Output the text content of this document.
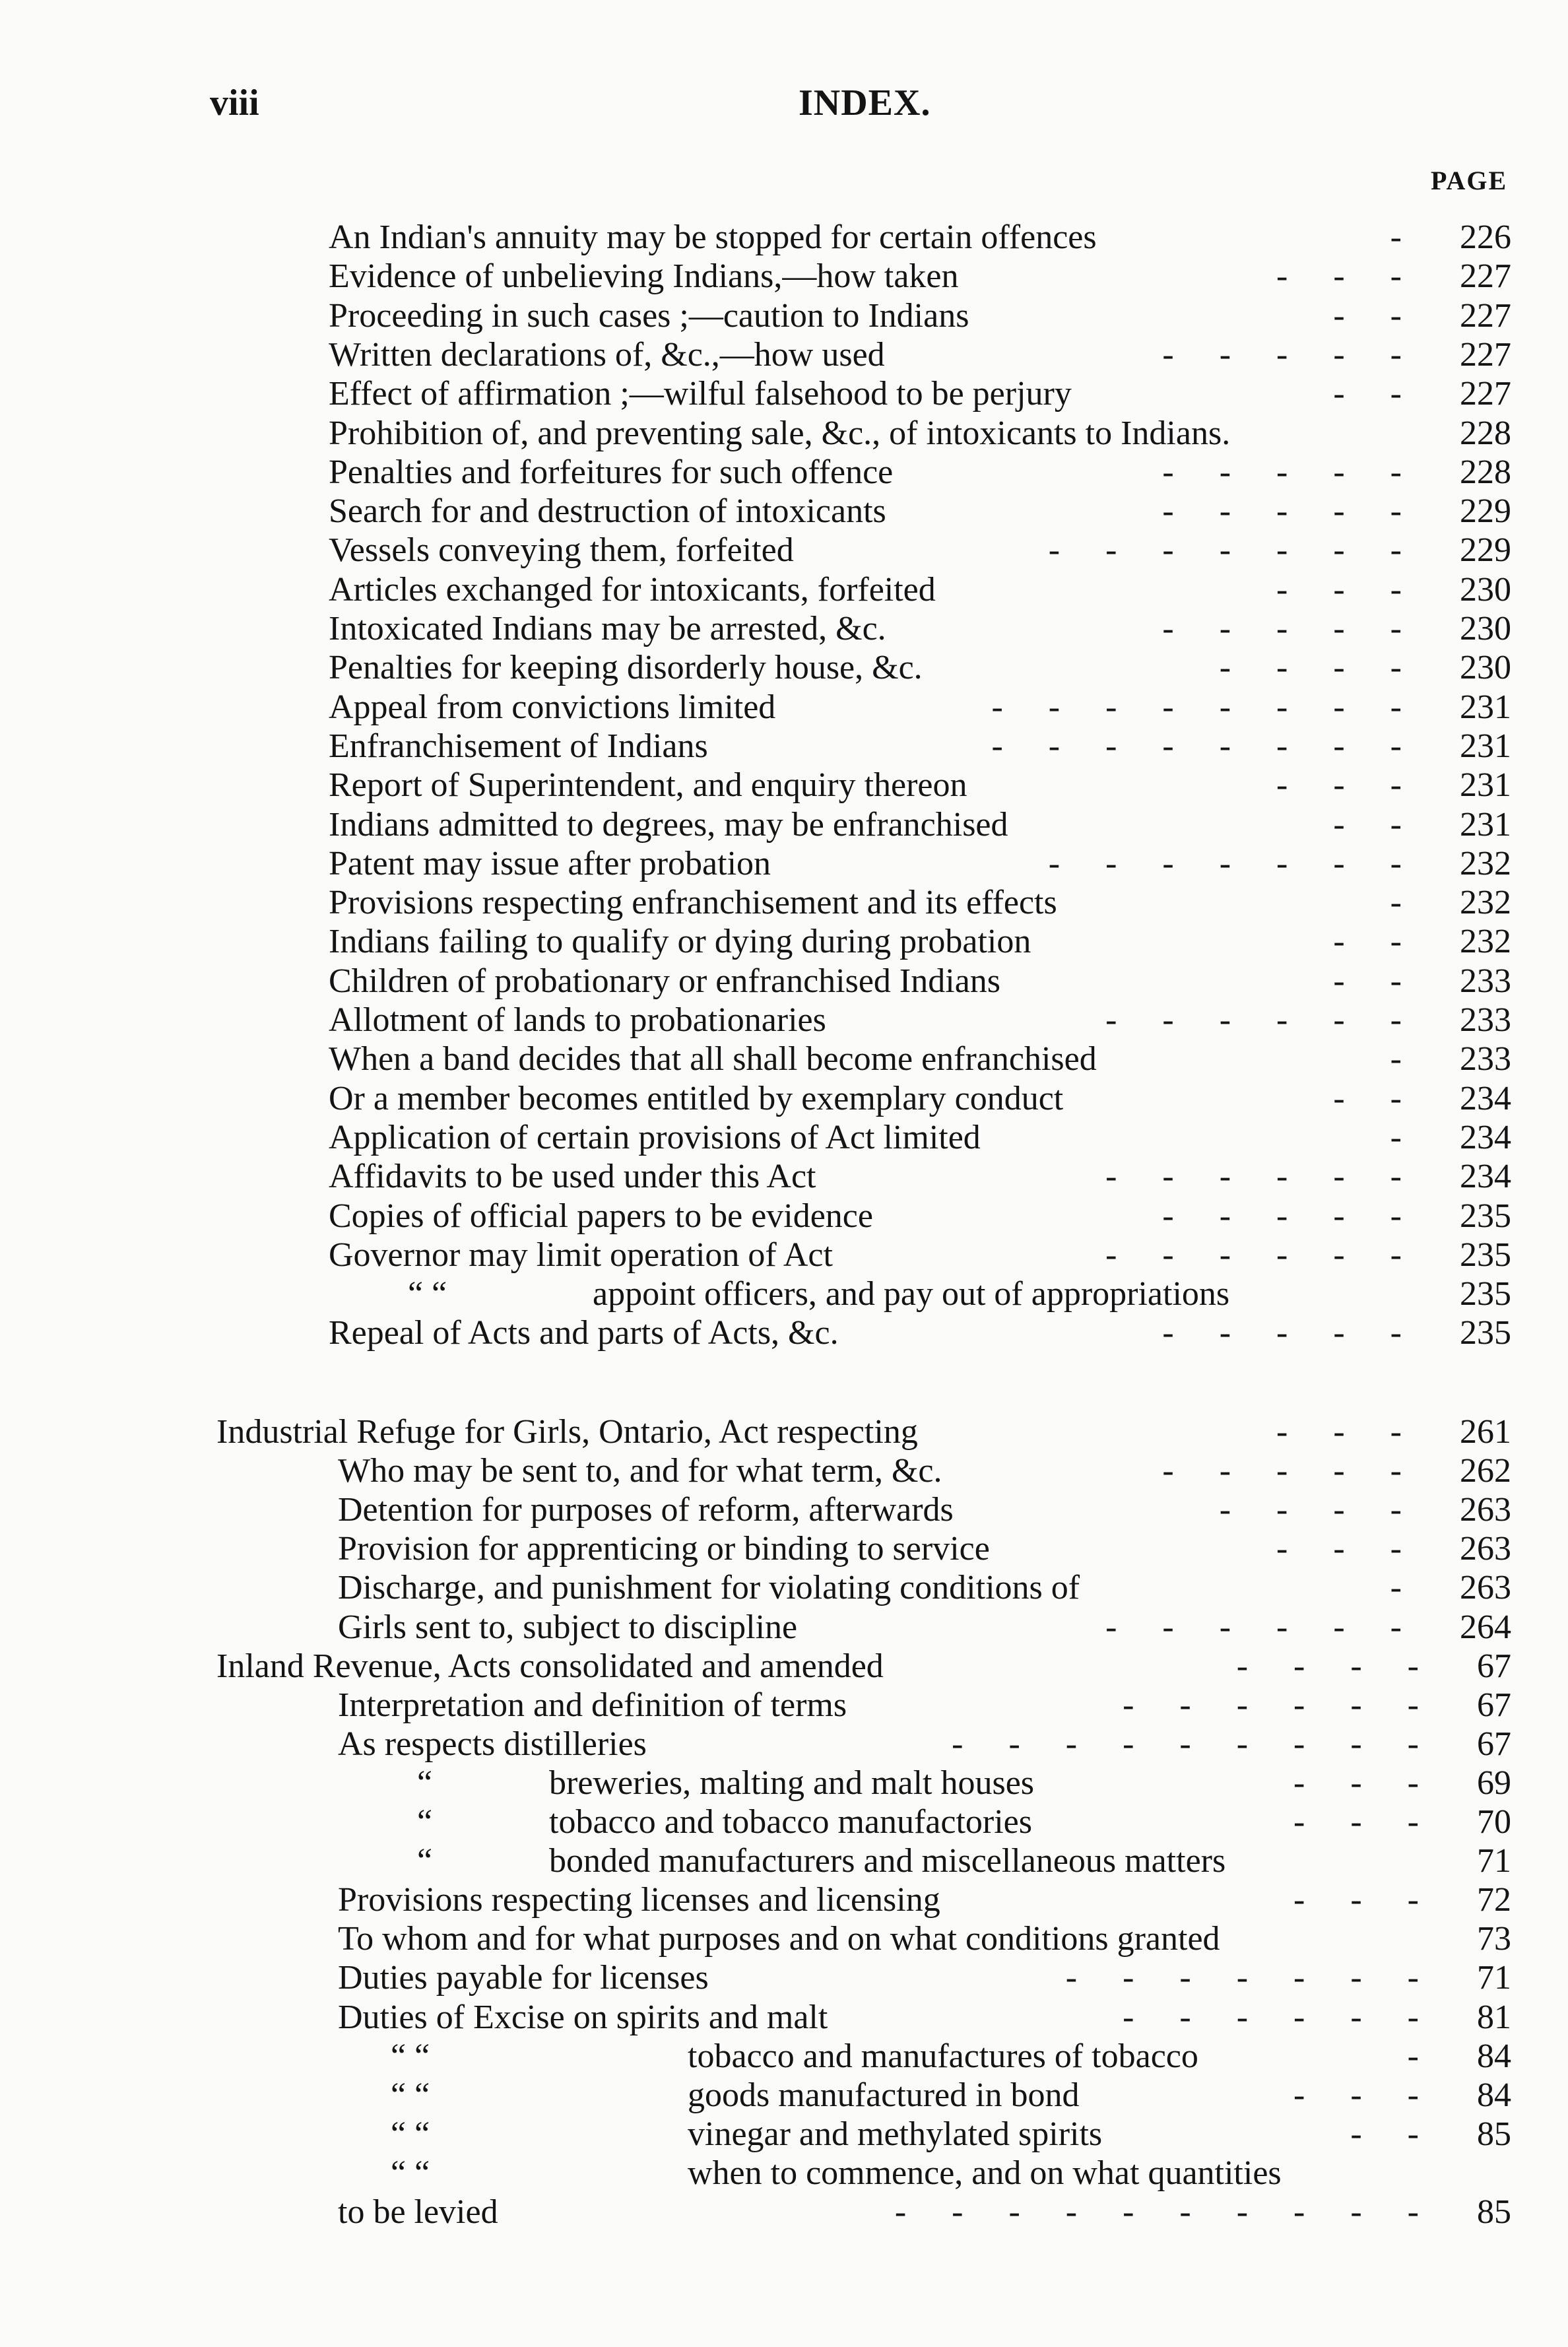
viii	INDEX.
PAGE
An Indian's annuity may be stopped for certain offences	226
-
Evidence of unbelieving Indians,—how taken	227
- - -
Proceeding in such cases ;—caution to Indians	227
- -
Written declarations of, &c.,—how used	227
- - - - -
Effect of affirmation ;—wilful falsehood to be perjury	227
- -
Prohibition of, and preventing sale, &c., of intoxicants to Indians.	228
Penalties and forfeitures for such offence	228
- - - - -
Search for and destruction of intoxicants	229
- - - - -
Vessels conveying them, forfeited	229
- - - - - - -
Articles exchanged for intoxicants, forfeited	230
- - -
Intoxicated Indians may be arrested, &c.	230
- - - - -
Penalties for keeping disorderly house, &c.	230
- - - -
Appeal from convictions limited	231
- - - - - - - -
Enfranchisement of Indians	231
- - - - - - - -
Report of Superintendent, and enquiry thereon	231
- - -
Indians admitted to degrees, may be enfranchised	231
- -
Patent may issue after probation	232
- - - - - - -
Provisions respecting enfranchisement and its effects	232
-
Indians failing to qualify or dying during probation	232
- -
Children of probationary or enfranchised Indians	233
- -
Allotment of lands to probationaries	233
- - - - - -
When a band decides that all shall become enfranchised	233
-
Or a member becomes entitled by exemplary conduct	234
- -
Application of certain provisions of Act limited	234
-
Affidavits to be used under this Act	234
- - - - - -
Copies of official papers to be evidence	235
- - - - -
Governor may limit operation of Act	235
- - - - - -
“ “	appoint officers, and pay out of appropriations	235
Repeal of Acts and parts of Acts, &c.	235
- - - - -
Industrial Refuge for Girls, Ontario, Act respecting	261
- - -
Who may be sent to, and for what term, &c.	262
- - - - -
Detention for purposes of reform, afterwards	263
- - - -
Provision for apprenticing or binding to service	263
- - -
Discharge, and punishment for violating conditions of	263
-
Girls sent to, subject to discipline	264
- - - - - -
Inland Revenue, Acts consolidated and amended	67
- - - -
Interpretation and definition of terms	67
- - - - - -
As respects distilleries	67
- - - - - - - - -
“	breweries, malting and malt houses	69
- - -
“	tobacco and tobacco manufactories	70
- - -
“	bonded manufacturers and miscellaneous matters	71
Provisions respecting licenses and licensing	72
- - -
To whom and for what purposes and on what conditions granted	73
Duties payable for licenses	71
- - - - - - -
Duties of Excise on spirits and malt	81
- - - - - -
“ “	tobacco and manufactures of tobacco	84
-
“ “	goods manufactured in bond	84
- - -
“ “	vinegar and methylated spirits	85
- -
“ “	when to commence, and on what quantities
to be levied	85
- - - - - - - - - -
